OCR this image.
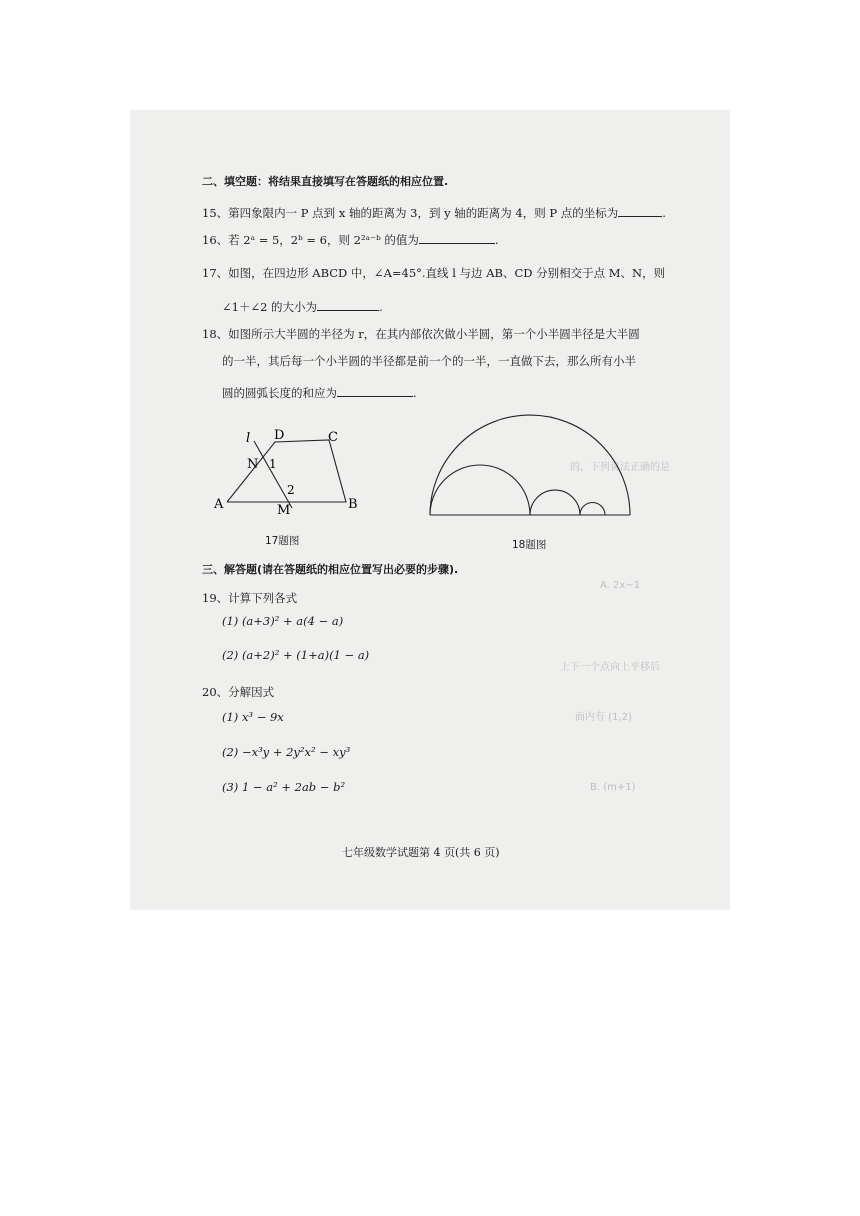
的，下列说法正确的是
A. 2x−1
上下一个点向上平移后
面内有 (1,2)
B. (m+1)
二、填空题：将结果直接填写在答题纸的相应位置.
15、第四象限内一 P 点到 x 轴的距离为 3，到 y 轴的距离为 4，则 P 点的坐标为	.
16、若 2ᵃ = 5，2ᵇ = 6，则 2²ᵃ⁻ᵇ 的值为	.
17、如图，在四边形 ABCD 中，∠A=45°.直线 l 与边 AB、CD 分别相交于点 M、N，则
∠1＋∠2 的大小为	.
18、如图所示大半圆的半径为 r，在其内部依次做小半圆，第一个小半圆半径是大半圆
的一半，其后每一个小半圆的半径都是前一个的一半，一直做下去，那么所有小半
圆的圆弧长度的和应为	.
l D	C
N 1
2
A	M	B
17题图	18题图
三、解答题(请在答题纸的相应位置写出必要的步骤).
19、计算下列各式
(1) (a+3)² + a(4 − a)
(2) (a+2)² + (1+a)(1 − a)
20、分解因式
(1) x³ − 9x
(2) −x³y + 2y²x² − xy³
(3) 1 − a² + 2ab − b²
七年级数学试题第 4 页(共 6 页)
